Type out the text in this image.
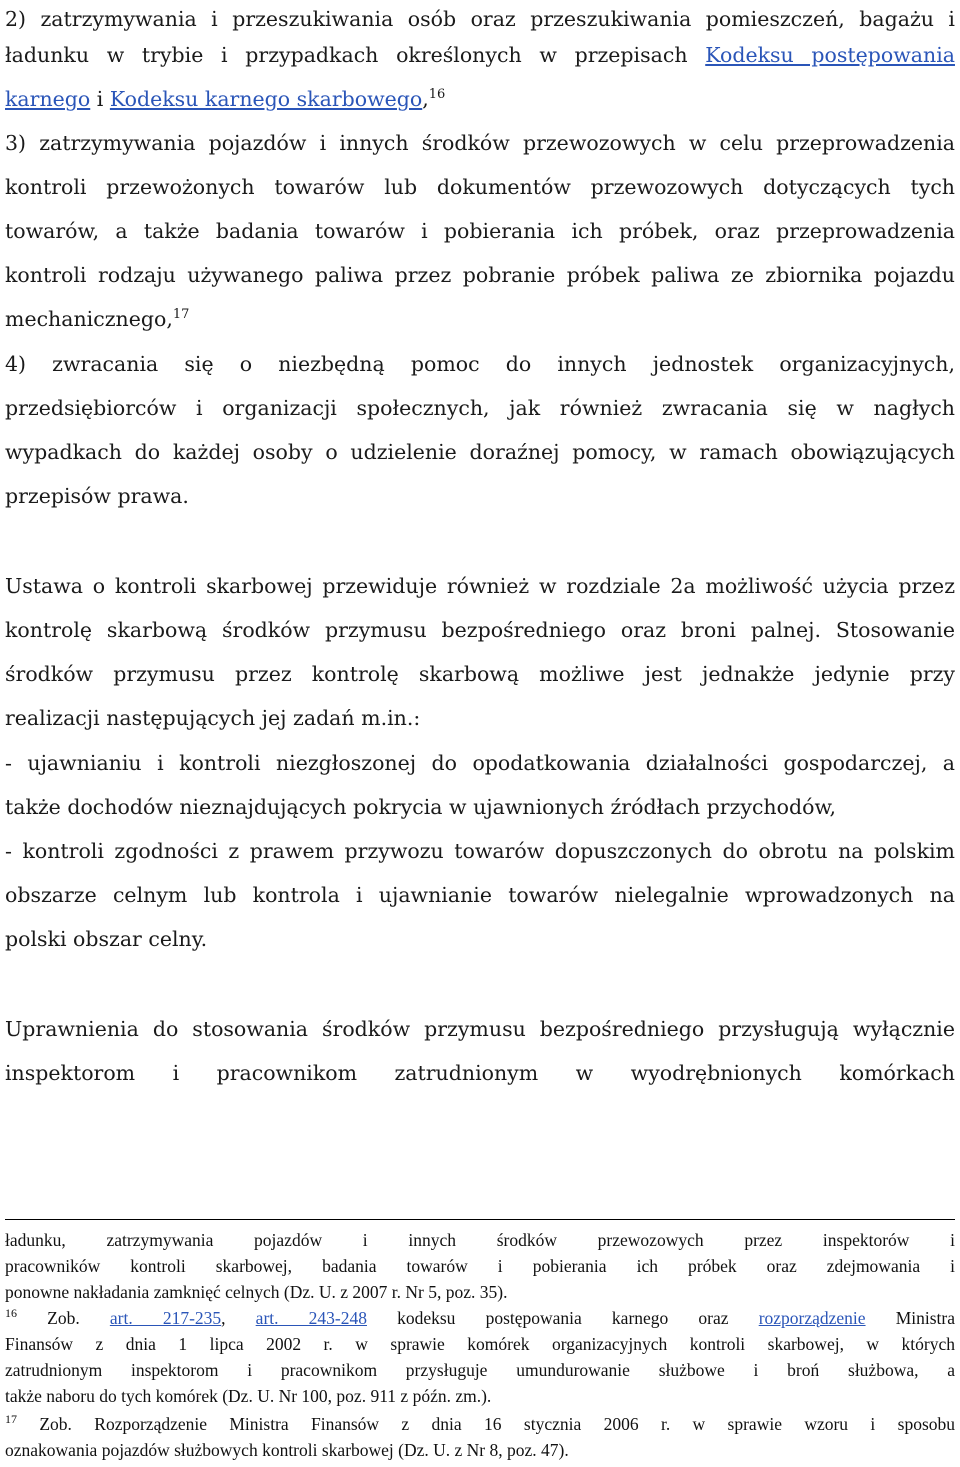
2) zatrzymywania i przeszukiwania osób oraz przeszukiwania pomieszczeń, bagażu i
ładunku w trybie i przypadkach określonych w przepisach Kodeksu postępowania
karnego i Kodeksu karnego skarbowego,$^{16}$
3) zatrzymywania pojazdów i innych środków przewozowych w celu przeprowadzenia
kontroli przewożonych towarów lub dokumentów przewozowych dotyczących tych
towarów, a także badania towarów i pobierania ich próbek, oraz przeprowadzenia
kontroli rodzaju używanego paliwa przez pobranie próbek paliwa ze zbiornika pojazdu
mechanicznego,$^{17}$
4) zwracania się o niezbędną pomoc do innych jednostek organizacyjnych,
przedsiębiorców i organizacji społecznych, jak również zwracania się w nagłych
wypadkach do każdej osoby o udzielenie doraźnej pomocy, w ramach obowiązujących
przepisów prawa.
Ustawa o kontroli skarbowej przewiduje również w rozdziale 2a możliwość użycia przez
kontrolę skarbową środków przymusu bezpośredniego oraz broni palnej. Stosowanie
środków przymusu przez kontrolę skarbową możliwe jest jednakże jedynie przy
realizacji następujących jej zadań m.in.:
- ujawnianiu i kontroli niezgłoszonej do opodatkowania działalności gospodarczej, a
także dochodów nieznajdujących pokrycia w ujawnionych źródłach przychodów,
- kontroli zgodności z prawem przywozu towarów dopuszczonych do obrotu na polskim
obszarze celnym lub kontrola i ujawnianie towarów nielegalnie wprowadzonych na
polski obszar celny.
Uprawnienia do stosowania środków przymusu bezpośredniego przysługują wyłącznie
inspektorom i pracownikom zatrudnionym w wyodrębnionych komórkach
ładunku, zatrzymywania pojazdów i innych środków przewozowych przez inspektorów i
pracowników kontroli skarbowej, badania towarów i pobierania ich próbek oraz zdejmowania i
ponowne nakładania zamknięć celnych (Dz. U. z 2007 r. Nr 5, poz. 35).
$^{16}$ Zob. art. 217-235, art. 243-248 kodeksu postępowania karnego oraz rozporządzenie Ministra
Finansów z dnia 1 lipca 2002 r. w sprawie komórek organizacyjnych kontroli skarbowej, w których
zatrudnionym inspektorom i pracownikom przysługuje umundurowanie służbowe i broń służbowa, a
także naboru do tych komórek (Dz. U. Nr 100, poz. 911 z późn. zm.).
$^{17}$ Zob. Rozporządzenie Ministra Finansów z dnia 16 stycznia 2006 r. w sprawie wzoru i sposobu
oznakowania pojazdów służbowych kontroli skarbowej (Dz. U. z Nr 8, poz. 47).
